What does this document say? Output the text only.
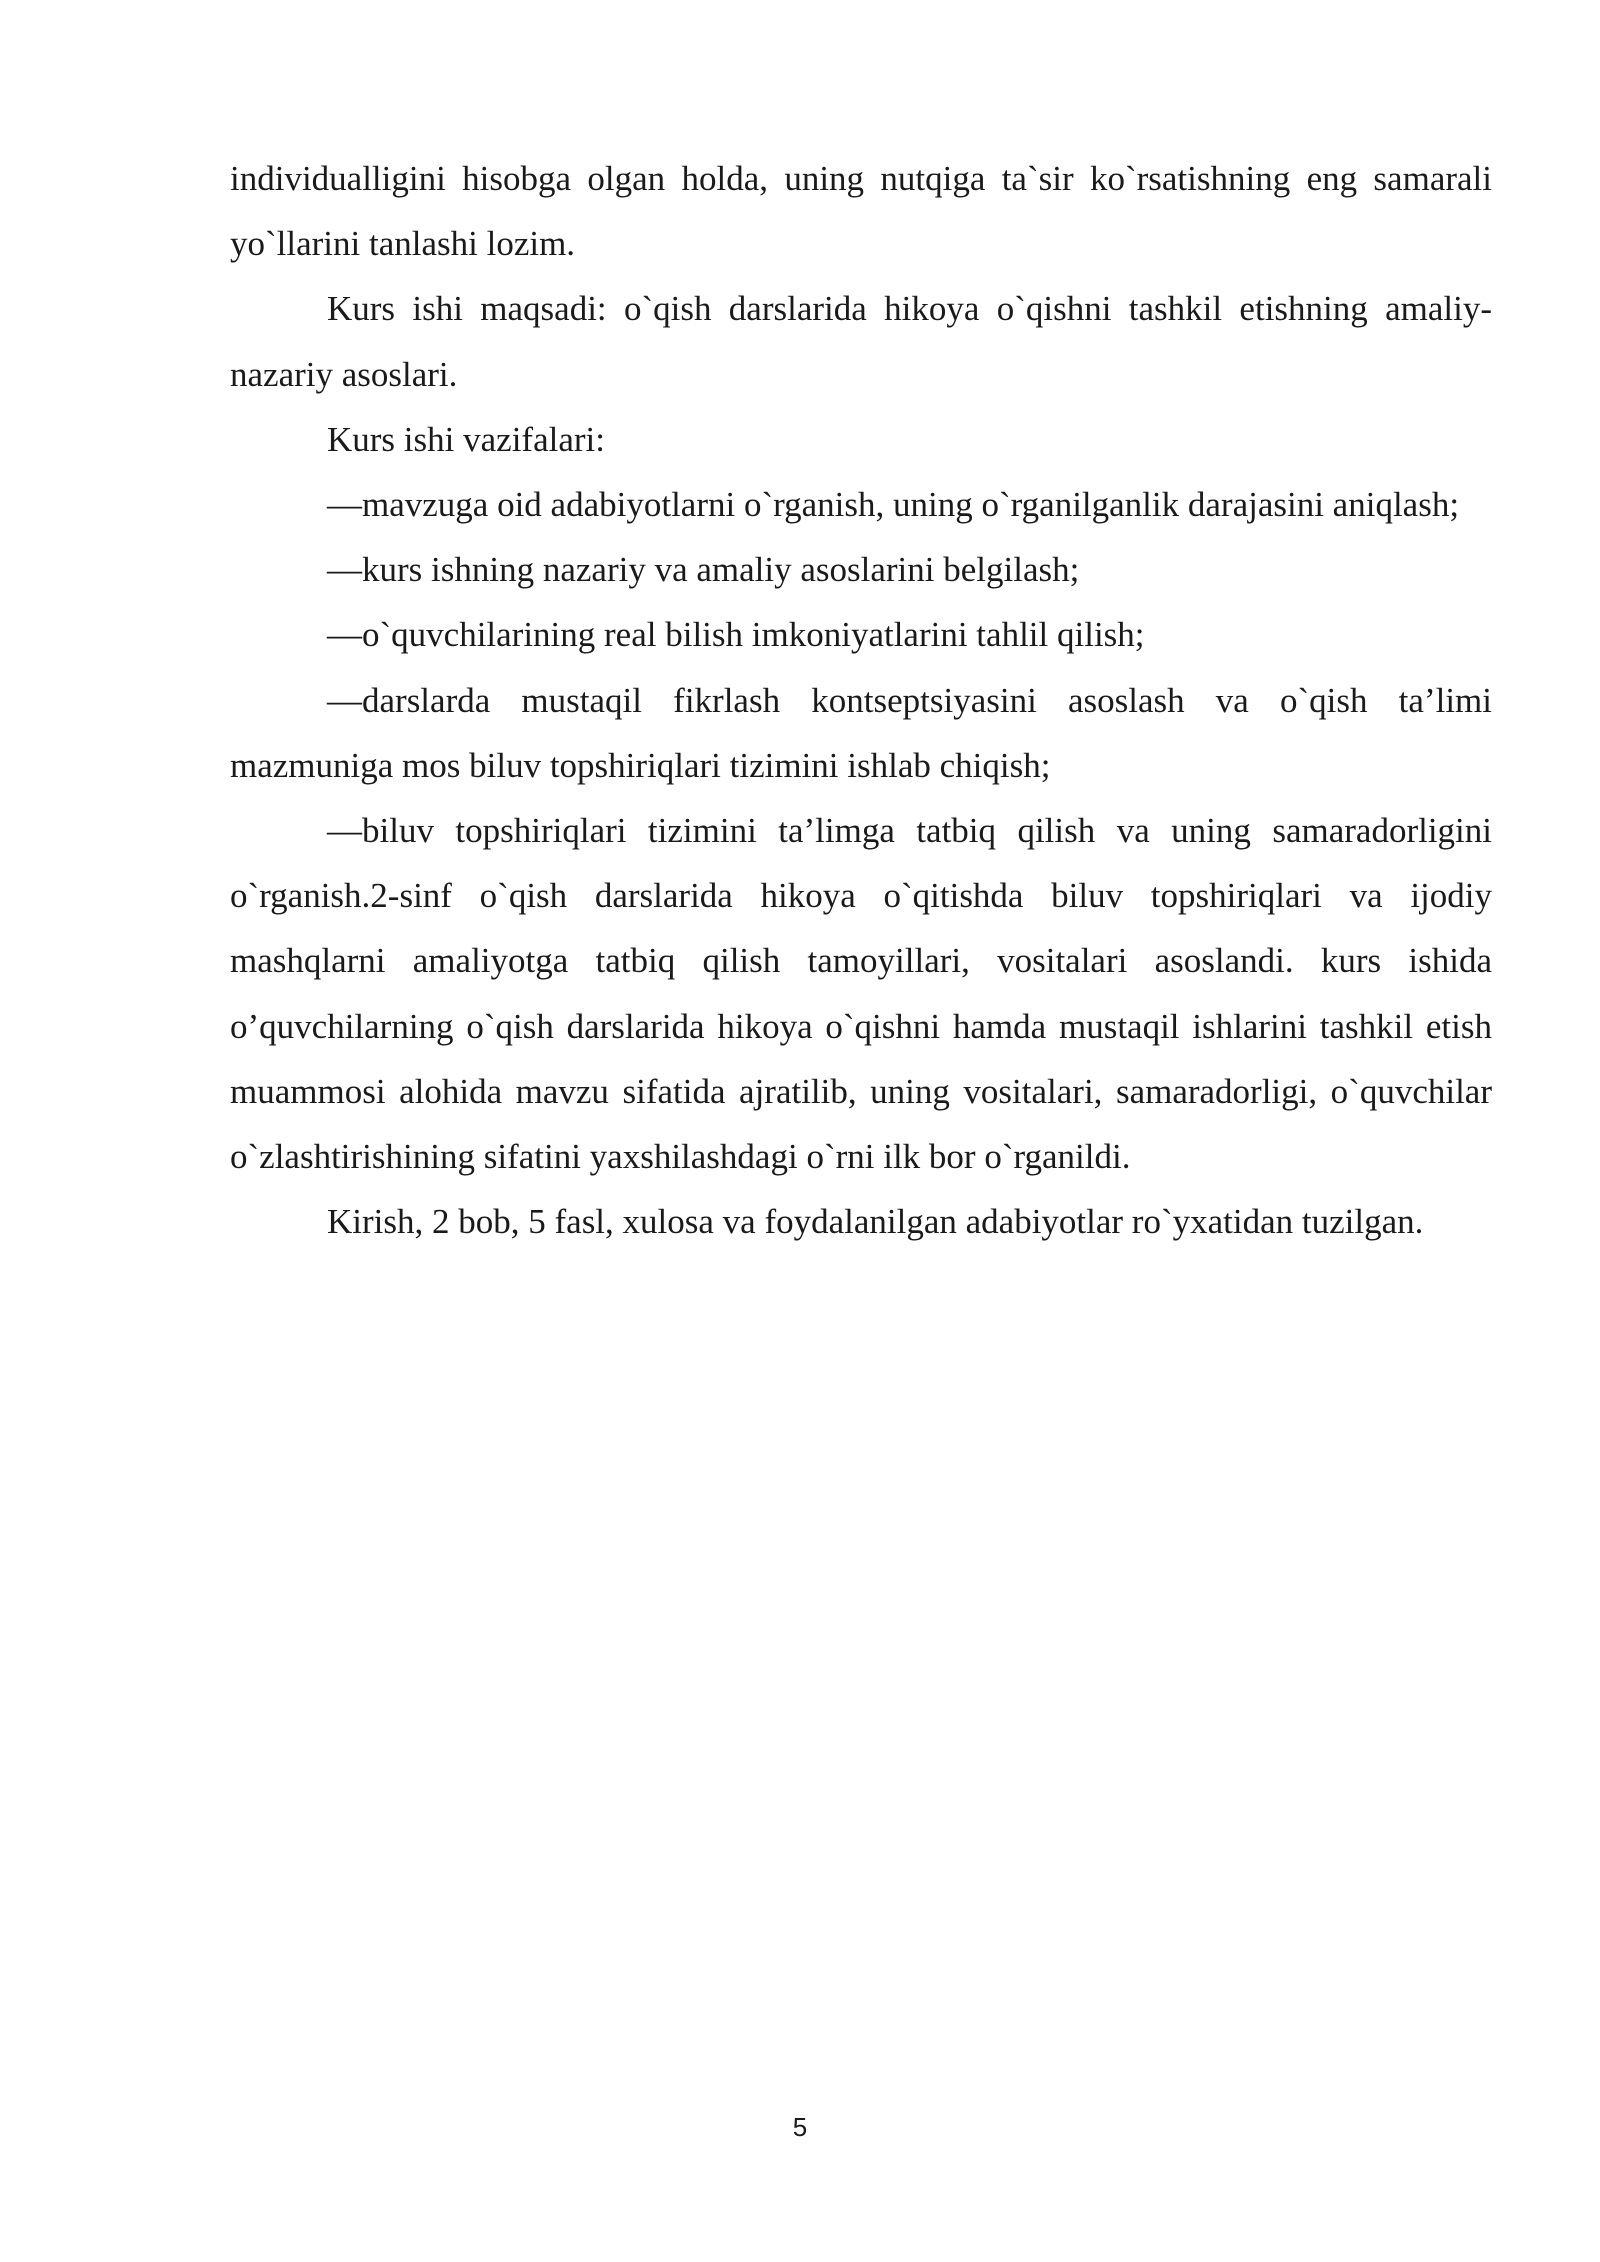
individualligini hisobga olgan holda, uning nutqiga ta`sir ko`rsatishning eng samarali yo`llarini tanlashi lozim.

Kurs ishi maqsadi: o`qish darslarida hikoya o`qishni tashkil etishning amaliy-nazariy asoslari.

Kurs ishi vazifalari:

—mavzuga oid adabiyotlarni o`rganish, uning o`rganilganlik darajasini aniqlash;

—kurs ishning nazariy va amaliy asoslarini belgilash;

—o`quvchilarining real bilish imkoniyatlarini tahlil qilish;

—darslarda mustaqil fikrlash kontseptsiyasini asoslash va o`qish ta’limi mazmuniga mos biluv topshiriqlari tizimini ishlab chiqish;

—biluv topshiriqlari tizimini ta’limga tatbiq qilish va uning samaradorligini o`rganish.2-sinf o`qish darslarida hikoya o`qitishda biluv topshiriqlari va ijodiy mashqlarni amaliyotga tatbiq qilish tamoyillari, vositalari asoslandi. kurs ishida o’quvchilarning o`qish darslarida hikoya o`qishni hamda mustaqil ishlarini tashkil etish muammosi alohida mavzu sifatida ajratilib, uning vositalari, samaradorligi, o`quvchilar o`zlashtirishining sifatini yaxshilashdagi o`rni ilk bor o`rganildi.

Kirish, 2 bob, 5 fasl, xulosa va foydalanilgan adabiyotlar ro`yxatidan tuzilgan.

5
